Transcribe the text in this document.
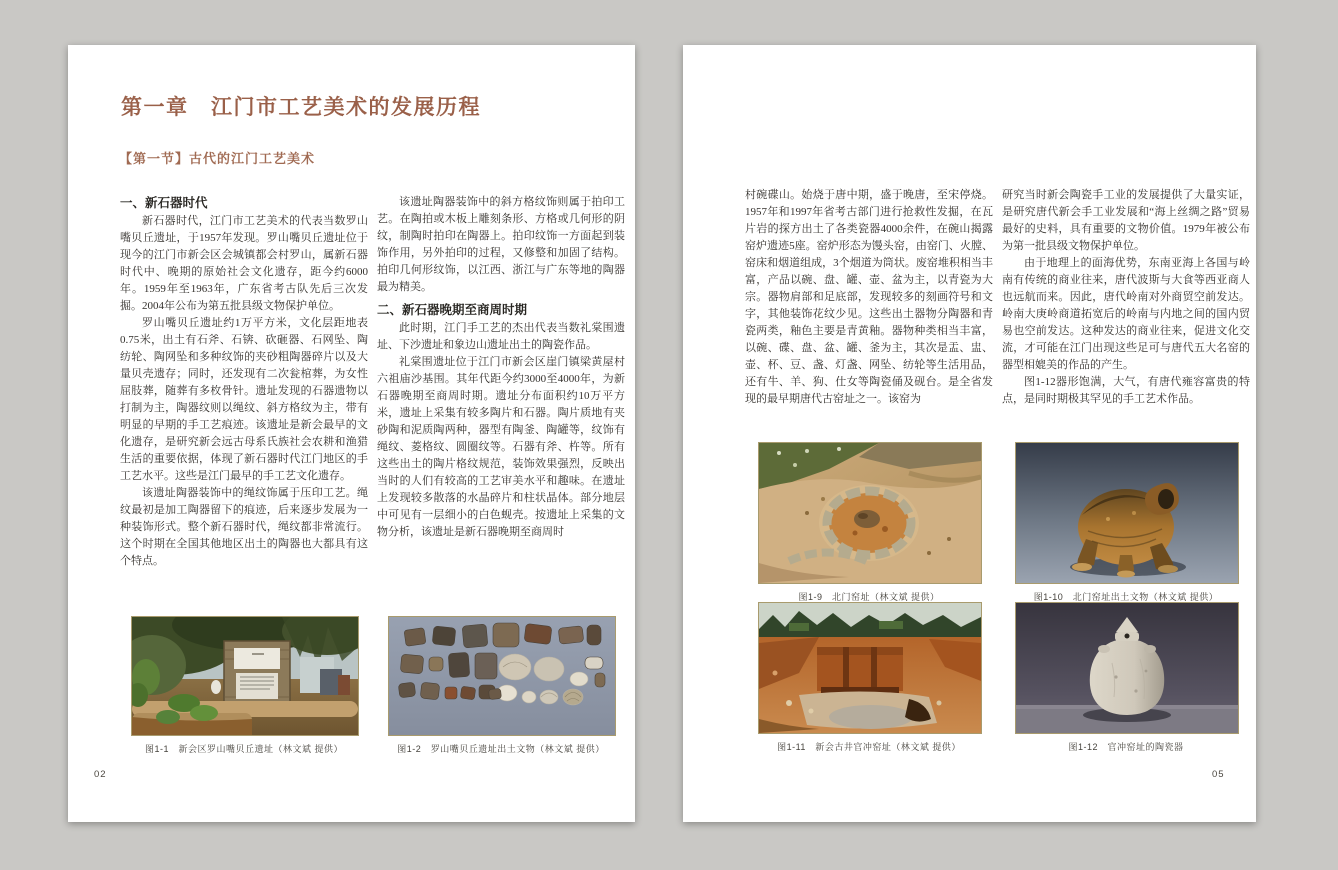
第一章　江门市工艺美术的发展历程
【第一节】古代的江门工艺美术

一、新石器时代

新石器时代，江门市工艺美术的代表当数罗山嘴贝丘遗址，于1957年发现。罗山嘴贝丘遗址位于现今的江门市新会区会城镇都会村罗山，属新石器时代中、晚期的原始社会文化遗存，距今约6000年。1959年至1963年，广东省考古队先后三次发掘。2004年公布为第五批县级文物保护单位。

罗山嘴贝丘遗址约1万平方米，文化层距地表0.75米，出土有石斧、石锛、砍砸器、石网坠、陶纺轮、陶网坠和多种纹饰的夹砂粗陶器碎片以及大量贝壳遗存；同时，还发现有二次瓮棺葬，为女性屈肢葬，随葬有多枚骨针。遗址发现的石器遗物以打制为主，陶器纹则以绳纹、斜方格纹为主，带有明显的早期的手工艺痕迹。该遗址是新会最早的文化遗存，是研究新会远古母系氏族社会农耕和渔猎生活的重要依据，体现了新石器时代江门地区的手工艺水平。这些是江门最早的手工艺文化遗存。

该遗址陶器装饰中的绳纹饰属于压印工艺。绳纹最初是加工陶器留下的痕迹，后来逐步发展为一种装饰形式。整个新石器时代，绳纹都非常流行。这个时期在全国其他地区出土的陶器也大都具有这个特点。

该遗址陶器装饰中的斜方格纹饰则属于拍印工艺。在陶拍或木板上雕刻条形、方格或几何形的阴纹，制陶时拍印在陶器上。拍印纹饰一方面起到装饰作用，另外拍印的过程，又修整和加固了结构。拍印几何形纹饰，以江西、浙江与广东等地的陶器最为精美。

二、新石器晚期至商周时期

此时期，江门手工艺的杰出代表当数礼棠围遗址、下沙遗址和象边山遗址出土的陶瓷作品。

礼棠围遗址位于江门市新会区崖门镇梁黄屋村六祖庙沙基围。其年代距今约3000至4000年，为新石器晚期至商周时期。遗址分布面积约10万平方米，遗址上采集有较多陶片和石器。陶片质地有夹砂陶和泥质陶两种，器型有陶釜、陶罐等，纹饰有绳纹、菱格纹、圆圈纹等。石器有斧、杵等。所有这些出土的陶片格纹规范，装饰效果强烈，反映出当时的人们有较高的工艺审美水平和趣味。在遗址上发现较多散落的水晶碎片和柱状晶体。部分地层中可见有一层细小的白色蚬壳。按遗址上采集的文物分析，该遗址是新石器晚期至商周时

图1-1　新会区罗山嘴贝丘遗址（林文斌 提供）	图1-2　罗山嘴贝丘遗址出土文物（林文斌 提供）
02

村碗碟山。始烧于唐中期，盛于晚唐，至宋停烧。1957年和1997年省考古部门进行抢救性发掘，在瓦片岩的探方出土了各类瓷器4000余件，在碗山揭露窑炉遗迹5座。窑炉形态为馒头窑，由窑门、火膛、窑床和烟道组成，3个烟道为筒状。废窑堆积相当丰富，产品以碗、盘、罐、壶、盆为主，以青瓷为大宗。器物肩部和足底部，发现较多的刻画符号和文字，其他装饰花纹少见。这些出土器物分陶器和青瓷两类，釉色主要是青黄釉。器物种类相当丰富，以碗、碟、盘、盆、罐、釜为主，其次是盂、盅、壶、杯、豆、盏、灯盏、网坠、纺轮等生活用品，还有牛、羊、狗、仕女等陶瓷俑及砚台。是全省发现的最早期唐代古窑址之一。该窑为

研究当时新会陶瓷手工业的发展提供了大量实证，是研究唐代新会手工业发展和“海上丝绸之路”贸易最好的史料，具有重要的文物价值。1979年被公布为第一批县级文物保护单位。

由于地理上的面海优势，东南亚海上各国与岭南有传统的商业往来，唐代波斯与大食等西亚商人也远航而来。因此，唐代岭南对外商贸空前发达。岭南大庚岭商道拓宽后的岭南与内地之间的国内贸易也空前发达。这种发达的商业往来，促进文化交流，才可能在江门出现这些足可与唐代五大名窑的器型相媲美的作品的产生。

图1-12器形饱满，大气，有唐代雍容富贵的特点，是同时期极其罕见的手工艺术作品。

图1-9　北门窑址（林文斌 提供）	图1-10　北门窑址出土文物（林文斌 提供）
图1-11　新会古井官冲窑址（林文斌 提供）	图1-12　官冲窑址的陶瓷器
05
